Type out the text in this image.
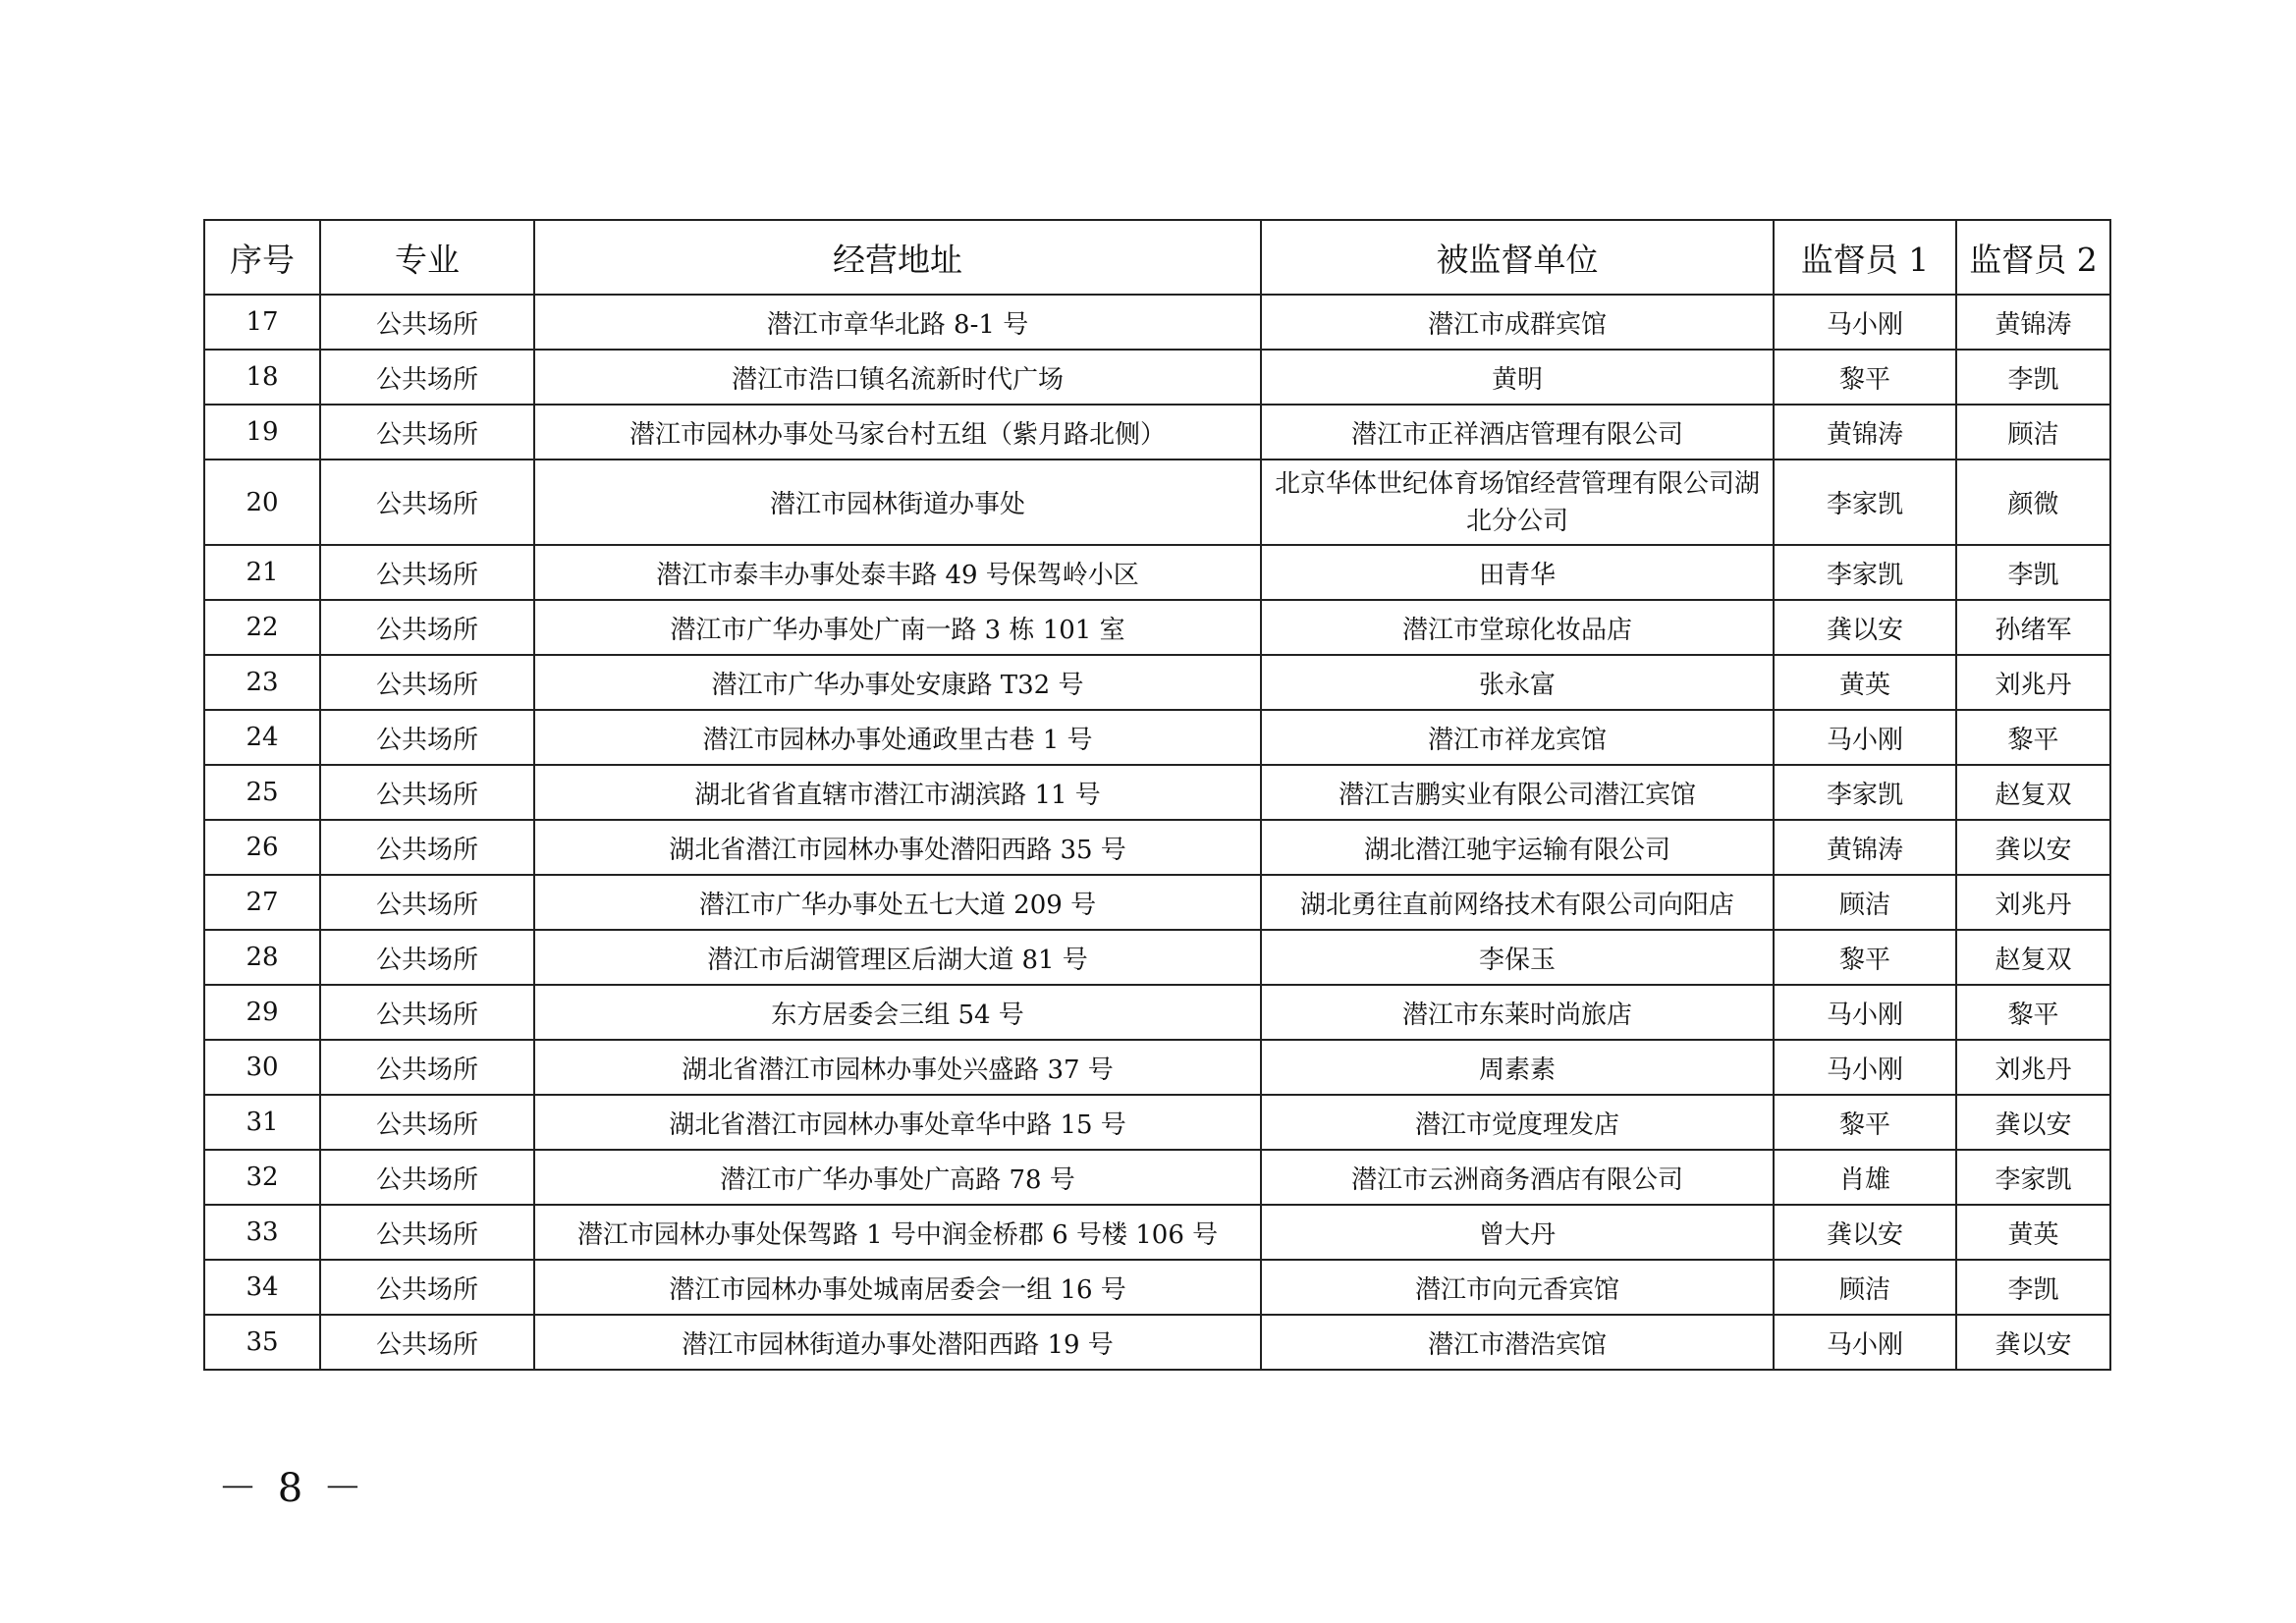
序号	专业	经营地址	被监督单位	监督员 1	监督员 2
17	公共场所	潜江市章华北路 8-1 号	潜江市成群宾馆	马小刚	黄锦涛
18	公共场所	潜江市浩口镇名流新时代广场	黄明	黎平	李凯
19	公共场所	潜江市园林办事处马家台村五组（紫月路北侧）	潜江市正祥酒店管理有限公司	黄锦涛	顾洁
20	公共场所	潜江市园林街道办事处	北京华体世纪体育场馆经营管理有限公司湖北分公司	李家凯	颜微
21	公共场所	潜江市泰丰办事处泰丰路 49 号保驾岭小区	田青华	李家凯	李凯
22	公共场所	潜江市广华办事处广南一路 3 栋 101 室	潜江市堂琼化妆品店	龚以安	孙绪军
23	公共场所	潜江市广华办事处安康路 T32 号	张永富	黄英	刘兆丹
24	公共场所	潜江市园林办事处通政里古巷 1 号	潜江市祥龙宾馆	马小刚	黎平
25	公共场所	湖北省省直辖市潜江市湖滨路 11 号	潜江吉鹏实业有限公司潜江宾馆	李家凯	赵复双
26	公共场所	湖北省潜江市园林办事处潜阳西路 35 号	湖北潜江驰宇运输有限公司	黄锦涛	龚以安
27	公共场所	潜江市广华办事处五七大道 209 号	湖北勇往直前网络技术有限公司向阳店	顾洁	刘兆丹
28	公共场所	潜江市后湖管理区后湖大道 81 号	李保玉	黎平	赵复双
29	公共场所	东方居委会三组 54 号	潜江市东莱时尚旅店	马小刚	黎平
30	公共场所	湖北省潜江市园林办事处兴盛路 37 号	周素素	马小刚	刘兆丹
31	公共场所	湖北省潜江市园林办事处章华中路 15 号	潜江市觉度理发店	黎平	龚以安
32	公共场所	潜江市广华办事处广高路 78 号	潜江市云洲商务酒店有限公司	肖雄	李家凯
33	公共场所	潜江市园林办事处保驾路 1 号中润金桥郡 6 号楼 106 号	曾大丹	龚以安	黄英
34	公共场所	潜江市园林办事处城南居委会一组 16 号	潜江市向元香宾馆	顾洁	李凯
35	公共场所	潜江市园林街道办事处潜阳西路 19 号	潜江市潜浩宾馆	马小刚	龚以安
－ 8 －
